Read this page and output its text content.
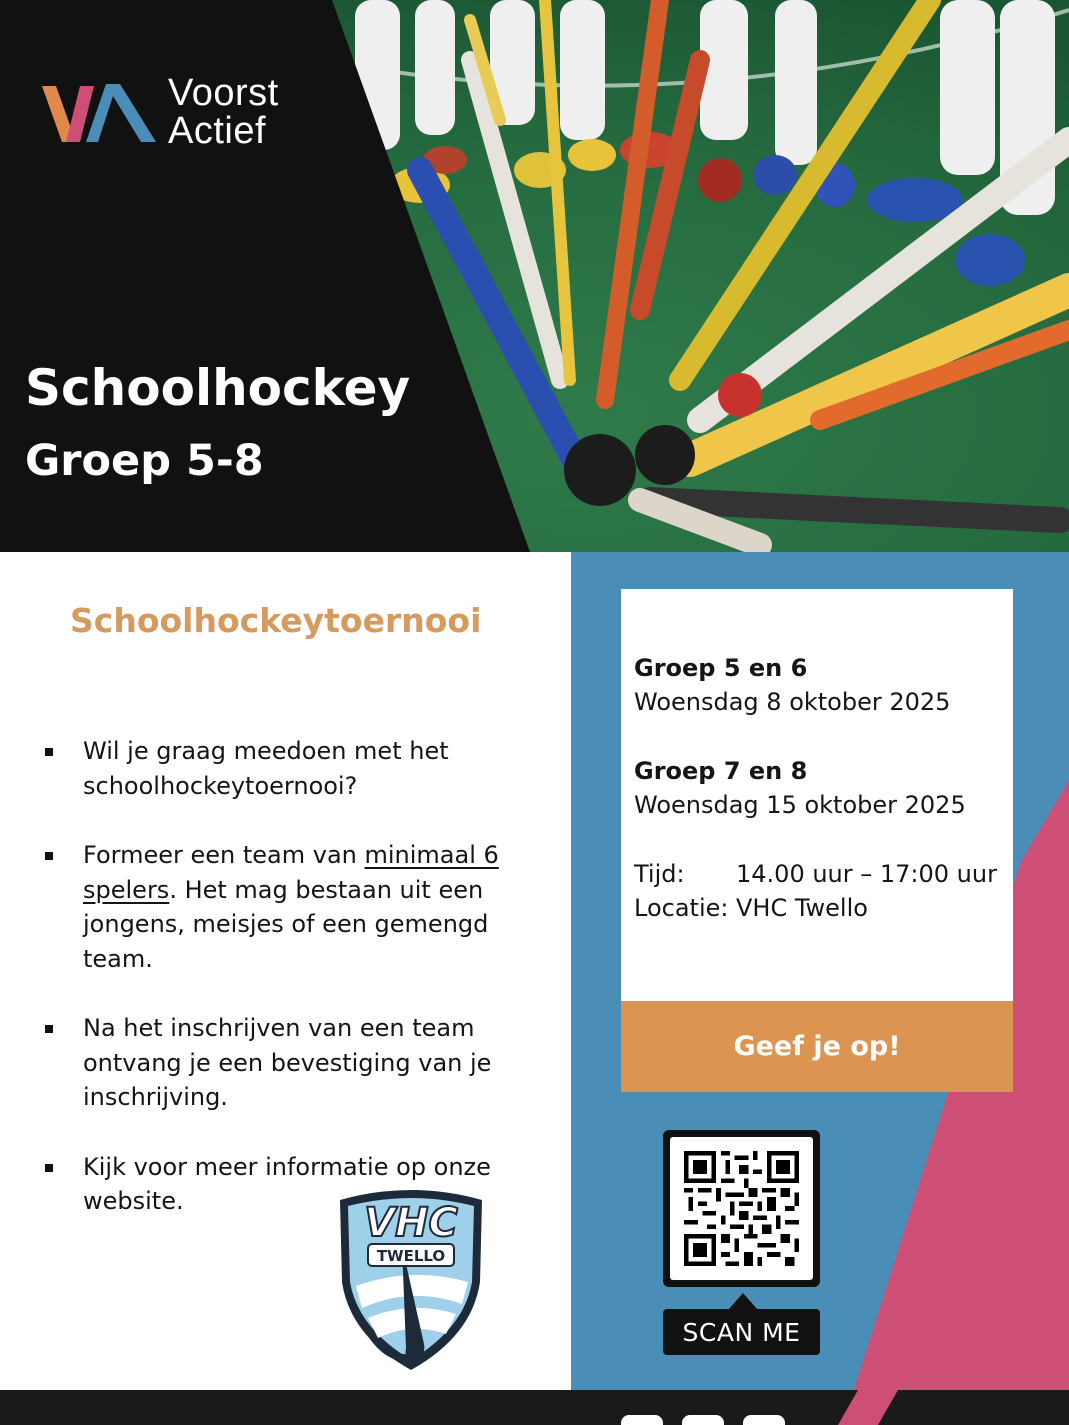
Voorst
Actief
Schoolhockey
Groep 5-8
Schoolhockeytoernooi
Wil je graag meedoen met het schoolhockeytoernooi?
Formeer een team van minimaal 6 spelers. Het mag bestaan uit een jongens, meisjes of een gemengd team.
Na het inschrijven van een team ontvang je een bevestiging van je inschrijving.
Kijk voor meer informatie op onze website.	VHC
TWELLO
Groep 5 en 6
Woensdag 8 oktober 2025
Groep 7 en 8
Woensdag 15 oktober 2025
Tijd:	14.00 uur – 17:00 uur
Locatie: VHC Twello
Geef je op!
SCAN ME
